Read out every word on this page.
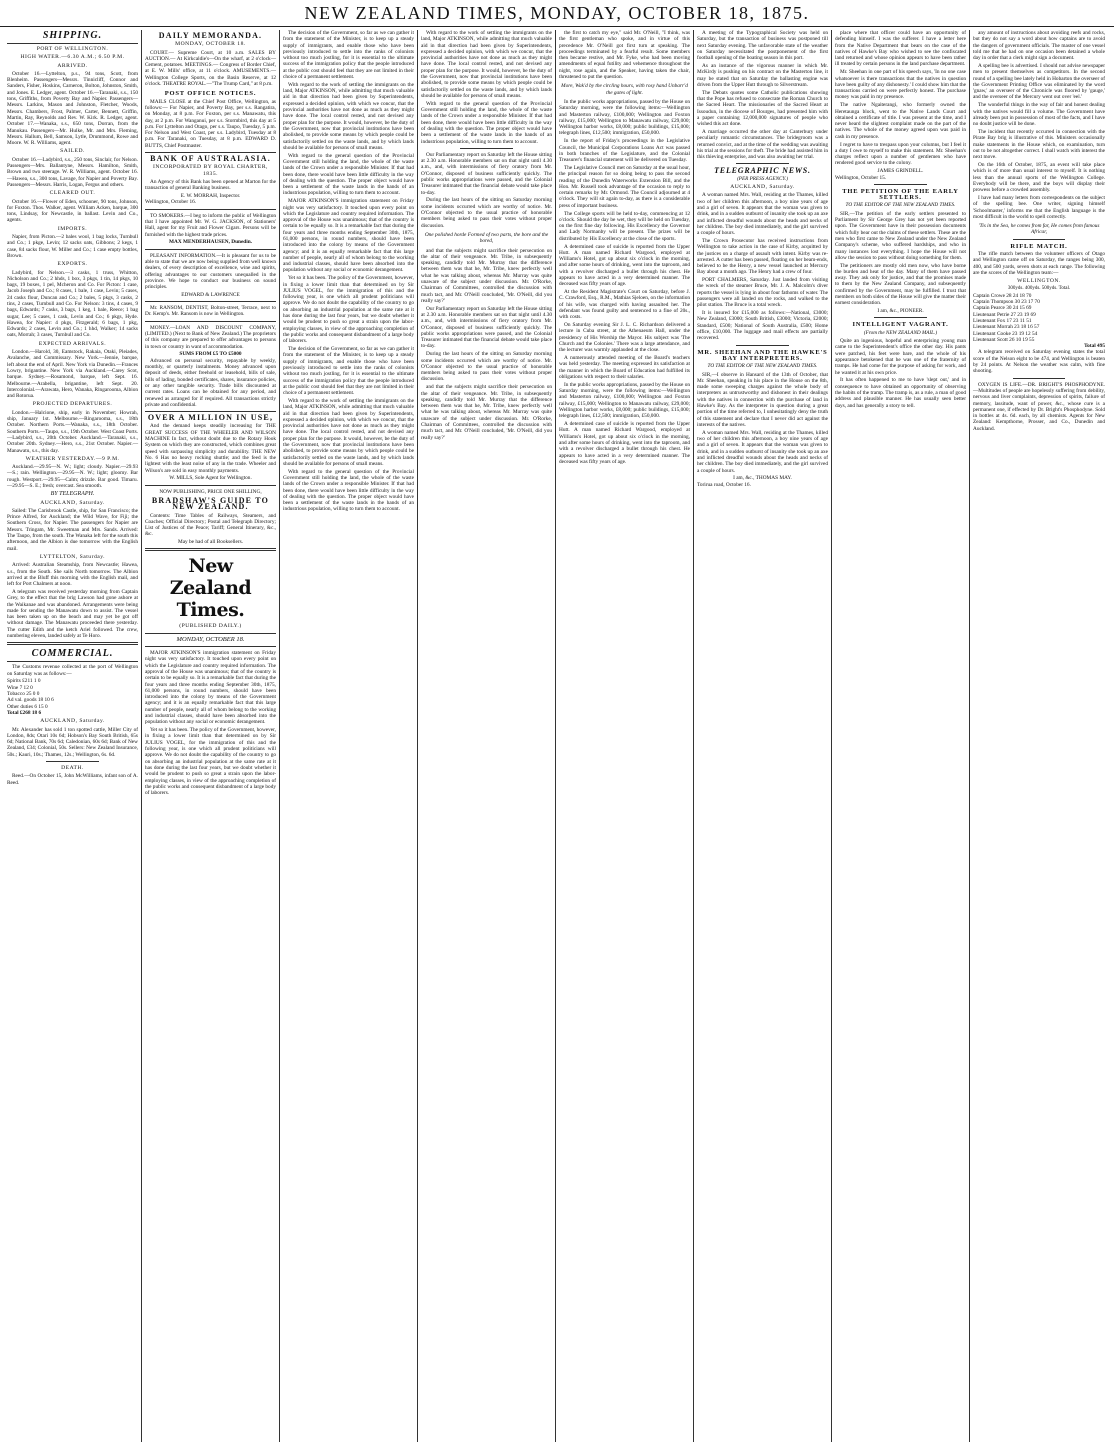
NEW ZEALAND TIMES, MONDAY, OCTOBER 18, 1875.
SHIPPING.
PORT OF WELLINGTON.
HIGH WATER.—6.30 A.M.; 6.50 P.M.
ARRIVED.

October 16.—Lyttelton, p.s., 94 tons, Scott, from Blenheim. Passengers—Messrs. Tinnicliff, Connor and Sanders, Fisher, Hoskins, Carneron, Bolton, Johnston, Smith, and Jones. E. Ledger, agent. October 16.—Taranaki, s.s., 150 tons, Griffiths, from Poverty Bay and Napier. Passengers—Messrs. Larkins, Mason and Johnston, Fletcher, Woods, Messrs. Chambers, Frost, Palmer, Carter, Bennett, Griffin, Martin, Ray, Reynolds and Rev. W. Kirk. R. Ledger, agent. October 17.—Wanaka, s.s., 650 tons, Dorran, from the Manukau. Passengers—Mr. Hulke, Mr. and Mrs. Fleming, Messrs. Hallum, Bell, Samson, Lytle, Drummond, Rowe and Moore. W. R. Williams, agent.

SAILED.

October 16.—Ladybird, s.s., 250 tons, Sinclair, for Nelson. Passengers—Mrs. Ballantyne, Messrs. Hamilton, Smith, Brown and two steerage. W. R. Williams, agent. October 16.—Hawea, s.s., 300 tons, Lavage, for Napier and Poverty Bay. Passengers—Messrs. Harris, Logan, Fergus and others.

CLEARED OUT.

October 16.—Flower of Eden, schooner, 90 tons, Johnson, for Foxton. Thos. Walker, agent. William Acken, barque, 300 tons, Lindsay, for Newcastle, in ballast. Levin and Co., agents.

IMPORTS.

Napier, from Picton.—2 bales wool, 1 bag locks, Turnbull and Co.; 1 pkge, Levin; 12 sacks oats, Gibbons; 2 kegs, 1 case, 84 sacks flour, W. Miller and Co.; 1 case empty bottles, Brown.

EXPORTS.

Ladybird, for Nelson.—3 casks, 1 truss, Whitton, Nicholson and Co.; 2 hhds, 1 box, 3 pkgs, 1 tin, 14 pkgs, 10 bags, 19 boxes, 1 pel, Mcheron and Co. For Picton: 1 case, Jacob Joseph and Co.; 8 cases, 1 bale, 1 case, Levin; 5 cases, 24 casks flour, Duncan and Co.; 2 bales, 5 pkgs, 3 casks, 2 tins, 2 cases, Turnbull and Co. For Nelson: 3 tins, 4 cases, 9 bags, Edwards; 7 casks, 3 bags, 1 keg, 1 bale, Reece; 1 bag sugar, Lee; 5 cases, 1 cask, Levin and Co.; 6 pkgs, Hyde. Hawea, for Napier: 4 pkgs, Fitzgerald; 6 bags, 1 pkg, Edwards; 2 cases, Levin and Co.; 1 hhd, Walker; 14 sacks oats, Morrah; 3 cases, Turnbull and Co.

EXPECTED ARRIVALS.

London.—Harold, 30, Eamstock, Rakaia, Otaki, Pleiades, Avalanche, and Commissary. New York.—Jennie, barque, left about the end of April. New York via Dunedin.—Frances Lowry, brigantine. New York via Auckland.—Carey Scot, barque. Sydney.—Rosamond, barque, left Sept. 16. Melbourne.—Arabella, brigantine, left Sept. 20. Intercolonial.—Arawata, Hero, Wanaka, Ringarooma, Albion and Rotorua.

PROJECTED DEPARTURES.

London.—Halcione, ship, early in November; Howrah, ship, January 1st. Melbourne.—Ringarooma, s.s., 18th October. Northern Ports.—Wanaka, s.s., 18th October. Southern Ports.—Taupo, s.s., 19th October. West Coast Ports.—Ladybird, s.s., 20th October. Auckland.—Taranaki, s.s., October 20th. Sydney.—Hero, s.s., 21st October. Napier.—Manawatu, s.s., this day.

WEATHER YESTERDAY.—9 P.M.

Auckland.—29.95—N. W.; light; cloudy. Napier.—29.93—S.; rain. Wellington.—29.95—N. W.; light; gloomy. Bar rough. Westport.—29.95—Calm; drizzle. Bar good. Timaru.—29.95—S. E.; fresh; overcast. Sea smooth.

BY TELEGRAPH.
AUCKLAND, Saturday.

Sailed: The Carisbrook Castle, ship, for San Francisco; the Prince Alfred, for Auckland; the Wild Wave, for Fiji; the Southern Cross, for Napier. The passengers for Napier are Messrs. Tringam, Mr. Sweetman and Mrs. Sands. Arrived: The Taupo, from the south. The Wanaka left for the south this afternoon, and the Albion is due tomorrow with the English mail.

LYTTELTON, Saturday.

Arrived: Australian Steamship, from Newcastle; Hawea, s.s., from the South. She sails North tomorrow. The Albion arrived at the Bluff this morning with the English mail, and left for Port Chalmers at noon.

A telegram was received yesterday morning from Captain Grey, to the effect that the brig Lawson had gone ashore at the Waikanae and was abandoned. Arrangements were being made for sending the Manawatu down to assist. The vessel has been taken up on the beach and may yet be got off without damage. The Manawatu proceeded there yesterday. The cutter Edith and the ketch Ariel followed. The crew, numbering eleven, landed safely at Te Horo.

COMMERCIAL.

The Customs revenue collected at the port of Wellington on Saturday was as follows:—

Spirits £211 1 0
Wine 7 12 0
Tobacco 25 0 0
Ad val. goods 18 10 6
Other duties 6 15 0
Total £268 18 6
AUCKLAND, Saturday.

Mr. Alexander has sold 1 ton spotted cattle, Miller City of London, 8ds; Otari 10s 6d; Hobson's Bay South British, 65s 6d; National Bank, 70s 6d; Caledonian, 60s 6d; Bank of New Zealand, £34; Colonial, 50s. Sellers: New Zealand Insurance, 50s.; Kauri, 10s.; Thames, 12s.; Wellington, 6s. 6d.

DEATH.

Reed.—On October 15, John McWilliams, infant son of A. Reed.

DAILY MEMORANDA.
MONDAY, OCTOBER 18.

COURT.— Supreme Court, at 10 a.m. SALES BY AUCTION.— At Kirkcaldie's—On the wharf, at 2 o'clock— Cement, potatoes. MEETINGS.— Congress of Border Chief, at E. W. Mills' office, at 11 o'clock. AMUSEMENTS.— Wellington College Sports, on the Basin Reserve, at 12 o'clock. THEATRE ROYAL.—"The Trump Card," at 8 p.m.

POST OFFICE NOTICES.

MAILS CLOSE at the Chief Post Office, Wellington, as follows:— For Napier, and Poverty Bay, per s.s. Rangatira, on Monday, at 8 p.m. For Foxton, per s.s. Manawatu, this day, at 2 p.m. For Wanganui, per s.s. Stormbird, this day at 5 p.m. For Lyttelton and Otago, per s.s. Taupo, Tuesday, 5 p.m. For Nelson and West Coast, per s.s. Ladybird, Tuesday at 8 p.m. For Taranaki, on Tuesday, at 8 p.m. EDWARD D. BUTTS, Chief Postmaster.

BANK OF AUSTRALASIA.
INCORPORATED BY ROYAL CHARTER, 1835.

An Agency of this Bank has been opened at Marton for the transaction of general Banking business.

E. W. MORRAH, Inspector.
Wellington, October 16.

TO SMOKERS.—I beg to inform the public of Wellington that I have appointed Mr. W. G. JACKSON, of Stationers' Hall, agent for my Fruit and Flower Cigars. Persons will be furnished with the highest trade prices.

MAX MENDERHAUSEN, Dunedin.

PLEASANT INFORMATION.—It is pleasant for us to be able to state that we are now being supplied from well known dealers, of every description of excellence, wine and spirits, offering advantages to our customers unequalled in the province. We hope to conduct our business on sound principles.

EDWARD & LAWRENCE

Mr. RANSOM, DENTIST, Bolton-street, Terrace, next to Dr. Kemp's. Mr. Ransom is now in Wellington.

MONEY.—LOAN AND DISCOUNT COMPANY, (LIMITED.) (Next to Bank of New Zealand.) The proprietors of this company are prepared to offer advantages to persons in town or country in want of accommodation.

SUMS FROM £5 TO £5000

Advanced on personal security, repayable by weekly, monthly, or quarterly instalments. Money advanced upon deposit of deeds, either freehold or leasehold, bills of sale, bills of lading, bonded certificates, shares, insurance policies, or any other tangible security. Trade bills discounted at current rates. Loans can be obtained for any period, and renewed as arranged for if required. All transactions strictly private and confidential.

OVER A MILLION IN USE,

And the demand keeps steadily increasing for THE GREAT SUCCESS OF THE WHEELER AND WILSON MACHINE In fact, without doubt due to the Rotary Hook System on which they are constructed, which combines great speed with surpassing simplicity and durability. THE NEW No. 6 Has no heavy rocking shuttle; and the feed is the lightest with the least noise of any in the trade. Wheeler and Wilson's are sold in easy monthly payments.

W. MILLS, Sole Agent for Wellington.
NOW PUBLISHING, PRICE ONE SHILLING,
BRADSHAW'S GUIDE TO NEW ZEALAND.

Contents: Time Tables of Railways, Steamers, and Coaches; Official Directory; Postal and Telegraph Directory; List of Justices of the Peace; Tariff; General Itinerary, &c., &c.

May be had of all Booksellers.
New Zealand Times.
(PUBLISHED DAILY.)
MONDAY, OCTOBER 18.

MAJOR ATKINSON'S immigration statement on Friday night was very satisfactory. It touched upon every point on which the Legislature and country required information. The approval of the House was unanimous; that of the country is certain to be equally so. It is a remarkable fact that during the four years and three months ending September 30th, 1875, 61,000 persons, in round numbers, should have been introduced into the colony by means of the Government agency; and it is an equally remarkable fact that this large number of people, nearly all of whom belong to the working and industrial classes, should have been absorbed into the population without any social or economic derangement.

Yet so it has been. The policy of the Government, however, in fixing a lower limit than that determined on by Sir JULIUS VOGEL, for the immigration of this and the following year, is one which all prudent politicians will approve. We do not doubt the capability of the country to go on absorbing an industrial population at the same rate at it has done during the last four years, but we doubt whether it would be prudent to push so great a strain upon the labor-employing classes, in view of the approaching completion of the public works and consequent disbandment of a large body of laborers.

The decision of the Government, so far as we can gather it from the statement of the Minister, is to keep up a steady supply of immigrants, and enable those who have been previously introduced to settle into the ranks of colonists without too much jostling, for it is essential to the ultimate success of the immigration policy that the people introduced at the public cost should feel that they are not limited in their choice of a permanent settlement.

With regard to the work of settling the immigrants on the land, Major ATKINSON, while admitting that much valuable aid in that direction had been given by Superintendents, expressed a decided opinion, with which we concur, that the provincial authorities have not done as much as they might have done. The local control rested, and not devised any proper plan for the purpose. It would, however, be the duty of the Government, now that provincial institutions have been abolished, to provide some means by which people could be satisfactorily settled on the waste lands, and by which lands should be available for persons of small means.

With regard to the general question of the Provincial Government still holding the land, the whole of the waste lands of the Crown under a responsible Minister. If that had been done, there would have been little difficulty in the way of dealing with the question. The proper object would have been a settlement of the waste lands in the hands of an industrious population, willing to turn them to account.

MAJOR ATKINSON'S immigration statement on Friday night was very satisfactory. It touched upon every point on which the Legislature and country required information. The approval of the House was unanimous; that of the country is certain to be equally so. It is a remarkable fact that during the four years and three months ending September 30th, 1875, 61,000 persons, in round numbers, should have been introduced into the colony by means of the Government agency; and it is an equally remarkable fact that this large number of people, nearly all of whom belong to the working and industrial classes, should have been absorbed into the population without any social or economic derangement.

Yet so it has been. The policy of the Government, however, in fixing a lower limit than that determined on by Sir JULIUS VOGEL, for the immigration of this and the following year, is one which all prudent politicians will approve. We do not doubt the capability of the country to go on absorbing an industrial population at the same rate at it has done during the last four years, but we doubt whether it would be prudent to push so great a strain upon the labor-employing classes, in view of the approaching completion of the public works and consequent disbandment of a large body of laborers.

The decision of the Government, so far as we can gather it from the statement of the Minister, is to keep up a steady supply of immigrants, and enable those who have been previously introduced to settle into the ranks of colonists without too much jostling, for it is essential to the ultimate success of the immigration policy that the people introduced at the public cost should feel that they are not limited in their choice of a permanent settlement.

With regard to the work of settling the immigrants on the land, Major ATKINSON, while admitting that much valuable aid in that direction had been given by Superintendents, expressed a decided opinion, with which we concur, that the provincial authorities have not done as much as they might have done. The local control rested, and not devised any proper plan for the purpose. It would, however, be the duty of the Government, now that provincial institutions have been abolished, to provide some means by which people could be satisfactorily settled on the waste lands, and by which lands should be available for persons of small means.

With regard to the general question of the Provincial Government still holding the land, the whole of the waste lands of the Crown under a responsible Minister. If that had been done, there would have been little difficulty in the way of dealing with the question. The proper object would have been a settlement of the waste lands in the hands of an industrious population, willing to turn them to account.

With regard to the work of settling the immigrants on the land, Major ATKINSON, while admitting that much valuable aid in that direction had been given by Superintendents, expressed a decided opinion, with which we concur, that the provincial authorities have not done as much as they might have done. The local control rested, and not devised any proper plan for the purpose. It would, however, be the duty of the Government, now that provincial institutions have been abolished, to provide some means by which people could be satisfactorily settled on the waste lands, and by which lands should be available for persons of small means.

With regard to the general question of the Provincial Government still holding the land, the whole of the waste lands of the Crown under a responsible Minister. If that had been done, there would have been little difficulty in the way of dealing with the question. The proper object would have been a settlement of the waste lands in the hands of an industrious population, willing to turn them to account.

Our Parliamentary report on Saturday left the House sitting at 2.30 a.m. Honorable members sat on that night until 4.30 a.m., and, with intermissions of fiery oratory from Mr. O'Connor, disposed of business sufficiently quickly. The public works appropriations were passed, and the Colonial Treasurer intimated that the financial debate would take place to-day.

During the last hours of the sitting on Saturday morning some incidents occurred which are worthy of notice. Mr. O'Connor objected to the usual practice of honorable members being asked to pass their votes without proper discussion.

One polished horde Formed of two parts, the bore and the bored,

and that the subjects might sacrifice their persecution on the altar of their vengeance. Mr. Tribe, in subsequently speaking, candidly told Mr. Murray that the difference between them was that he, Mr. Tribe, knew perfectly well what he was talking about, whereas Mr. Murray was quite unaware of the subject under discussion. Mr. O'Rorke, Chairman of Committees, controlled the discussion with much tact, and Mr. O'Neill concluded, 'Mr. O'Neill, did you really say?'

Our Parliamentary report on Saturday left the House sitting at 2.30 a.m. Honorable members sat on that night until 4.30 a.m., and, with intermissions of fiery oratory from Mr. O'Connor, disposed of business sufficiently quickly. The public works appropriations were passed, and the Colonial Treasurer intimated that the financial debate would take place to-day.

During the last hours of the sitting on Saturday morning some incidents occurred which are worthy of notice. Mr. O'Connor objected to the usual practice of honorable members being asked to pass their votes without proper discussion.

and that the subjects might sacrifice their persecution on the altar of their vengeance. Mr. Tribe, in subsequently speaking, candidly told Mr. Murray that the difference between them was that he, Mr. Tribe, knew perfectly well what he was talking about, whereas Mr. Murray was quite unaware of the subject under discussion. Mr. O'Rorke, Chairman of Committees, controlled the discussion with much tact, and Mr. O'Neill concluded, 'Mr. O'Neill, did you really say?'

the first to catch my eye," said Mr. O'Neill, "I think, was the first gentleman who spoke, and in virtue of this precedence Mr. O'Neill got first turn at speaking. The proceedings terminated by a fearful result. Some members then became restive, and Mr. Fyke, who had been moving amendments of equal futility and vehemence throughout the night, rose again, and the Speaker, having taken the chair, threatened to put the question.

More, Wak'd by the circling hours, with rosy hand Unbarr'd the gates of light.

In the public works appropriations, passed by the House on Saturday morning, were the following items:—Wellington and Masterton railway, £100,000; Wellington and Foxton railway, £15,000; Wellington to Manawatu railway, £29,000; Wellington harbor works, £8,000; public buildings, £15,000; telegraph lines, £12,500; immigration, £50,000.

In the report of Friday's proceedings in the Legislative Council, the Municipal Corporations Loans Act was passed in both branches of the Legislature, and the Colonial Treasurer's financial statement will be delivered on Tuesday.

The Legislative Council met on Saturday at the usual hour, the principal reason for so doing being to pass the second reading of the Dunedin Waterworks Extension Bill, and the Hon. Mr. Russell took advantage of the occasion to reply to certain remarks by Mr. Ormond. The Council adjourned at 4 o'clock. They will sit again to-day, as there is a considerable press of important business.

The College sports will be held to-day, commencing at 12 o'clock. Should the day be wet, they will be held on Tuesday, on the first fine day following. His Excellency the Governor and Lady Normanby will be present. The prizes will be distributed by His Excellency at the close of the sports.

A determined case of suicide is reported from the Upper Hutt. A man named Richard Wargood, employed at Williams's Hotel, got up about six o'clock in the morning, and after some hours of drinking, went into the taproom, and with a revolver discharged a bullet through his chest. He appears to have acted in a very determined manner. The deceased was fifty years of age.

At the Resident Magistrate's Court on Saturday, before J. C. Crawford, Esq., R.M., Mathias Sjeloen, on the information of his wife, was charged with having assaulted her. The defendant was found guilty and sentenced to a fine of 20s., with costs.

On Saturday evening Sir J. L. C. Richardson delivered a lecture in Cuba street, at the Athenaeum Hall, under the presidency of His Worship the Mayor. His subject was 'The Church and the Colonies.' There was a large attendance, and the lecturer was warmly applauded at the close.

A numerously attended meeting of the Board's teachers was held yesterday. The meeting expressed its satisfaction at the manner in which the Board of Education had fulfilled its obligations with respect to their salaries.

In the public works appropriations, passed by the House on Saturday morning, were the following items:—Wellington and Masterton railway, £100,000; Wellington and Foxton railway, £15,000; Wellington to Manawatu railway, £29,000; Wellington harbor works, £8,000; public buildings, £15,000; telegraph lines, £12,500; immigration, £50,000.

A determined case of suicide is reported from the Upper Hutt. A man named Richard Wargood, employed at Williams's Hotel, got up about six o'clock in the morning, and after some hours of drinking, went into the taproom, and with a revolver discharged a bullet through his chest. He appears to have acted in a very determined manner. The deceased was fifty years of age.

A meeting of the Typographical Society was held on Saturday, but the transaction of business was postponed till next Saturday evening. The unfavorable state of the weather on Saturday necessitated the postponement of the first football opening of the boating season in this port.

As an instance of the vigorous manner in which Mr. McKirdy is pushing on his contract on the Masterton line, it may be stated that on Saturday the ballasting engine was driven from the Upper Hutt through to Silverstream.

The Debats quotes some Catholic publications showing that the Pope has refused to consecrate the Roman Church to the Sacred Heart. The missionaries of the Sacred Heart at Issoudun, in the diocese of Bourges, had presented him with a paper containing 12,000,000 signatures of people who wished this act done.

A marriage occurred the other day at Canterbury under peculiarly romantic circumstances. The bridegroom was a returned convict, and at the time of the wedding was awaiting his trial at the sessions for theft. The bride had assisted him in this thieving enterprise, and was also awaiting her trial.

TELEGRAPHIC NEWS.
(PER PRESS AGENCY.)
AUCKLAND, Saturday.

A woman named Mrs. Wall, residing at the Thames, killed two of her children this afternoon, a boy nine years of age and a girl of seven. It appears that the woman was given to drink, and in a sudden outburst of insanity she took up an axe and inflicted dreadful wounds about the heads and necks of her children. The boy died immediately, and the girl survived a couple of hours.

The Crown Prosecutor has received instructions from Wellington to take action in the case of Kirby, acquitted by the justices on a charge of assault with intent. Kirby was re-arrested. A cutter has been passed, floating on her beam-ends, believed to be the Henry, a new vessel launched at Mercury Bay about a month ago. The Henry had a crew of four.

PORT CHALMERS, Saturday. Just landed from visiting the wreck of the steamer Bruce, Mr. J. A. Malcolm's diver reports the vessel is lying in about four fathoms of water. The passengers were all landed on the rocks, and walked to the pilot station. The Bruce is a total wreck.

It is insured for £15,000 as follows:—National, £3000; New Zealand, £3000; South British, £3000; Victoria, £2000; Standard, £500; National of South Australia, £500; Home office, £10,000. The luggage and mail effects are partially recovered.

MR. SHEEHAN AND THE HAWKE'S BAY INTERPRETERS.
TO THE EDITOR OF THE NEW ZEALAND TIMES.

SIR,—I observe in Hansard of the 13th of October, that Mr. Sheehan, speaking in his place in the House on the 8th, made some sweeping charges against the whole body of interpreters as untrustworthy and dishonest in their dealings with the natives in connection with the purchase of land in Hawke's Bay. As the interpreter in question during a great portion of the time referred to, I unhesitatingly deny the truth of this statement and declare that I never did act against the interests of the natives.

A woman named Mrs. Wall, residing at the Thames, killed two of her children this afternoon, a boy nine years of age and a girl of seven. It appears that the woman was given to drink, and in a sudden outburst of insanity she took up an axe and inflicted dreadful wounds about the heads and necks of her children. The boy died immediately, and the girl survived a couple of hours.

I am, &c., THOMAS MAY.
Torirua road, October 16.

place where that officer could have an opportunity of defending himself. I was the sufferer. I have a letter here from the Native Department that bears on the case of the natives of Hawke's Bay who wished to see the confiscated land returned and whose opinion appears to have been rather ill treated by certain persons in the land purchase department.

Mr. Sheehan in one part of his speech says, 'In no one case whatsoever is there transactions that the natives in question have been guilty of any dishonesty.' I could show him that the transactions carried on were perfectly honest. The purchase money was paid in my presence.

The native Ngaiterangi, who formerly owned the Heretaunga block, went to the Native Lands Court and obtained a certificate of title. I was present at the time, and I never heard the slightest complaint made on the part of the natives. The whole of the money agreed upon was paid in cash in my presence.

I regret to have to trespass upon your columns, but I feel it a duty I owe to myself to make this statement. Mr. Sheehan's charges reflect upon a number of gentlemen who have rendered good service to the colony.

JAMES GRINDELL.
Wellington, October 15.
THE PETITION OF THE EARLY SETTLERS.
TO THE EDITOR OF THE NEW ZEALAND TIMES.

SIR,—The petition of the early settlers presented to Parliament by Sir George Grey has not yet been reported upon. The Government have in their possession documents which fully bear out the claims of these settlers. These are the men who first came to New Zealand under the New Zealand Company's scheme, who suffered hardships, and who in many instances lost everything. I hope the House will not allow the session to pass without doing something for them.

The petitioners are mostly old men now, who have borne the burden and heat of the day. Many of them have passed away. They ask only for justice, and that the promises made to them by the New Zealand Company, and subsequently confirmed by the Government, may be fulfilled. I trust that members on both sides of the House will give the matter their earnest consideration.

I am, &c., PIONEER.
INTELLIGENT VAGRANT.
(From the NEW ZEALAND MAIL.)

Quite an ingenious, hopeful and enterprising young man came to the Superintendent's office the other day. His pants were patched, his feet were bare, and the whole of his appearance betokened that he was one of the fraternity of tramps. He had come for the purpose of asking for work, and he wanted it at his own price.

It has often happened to me to have 'slept out,' and in consequence to have obtained an opportunity of observing the habits of the tramp. The tramp is, as a rule, a man of good address and plausible manner. He has usually seen better days, and has generally a story to tell.

any amount of instructions about avoiding reefs and rocks, but they do not say a word about how captains are to avoid the dangers of government officials. The master of one vessel told me that he had on one occasion been detained a whole day in order that a clerk might sign a document.

A spelling bee is advertised. I should not advise newspaper men to present themselves as competitors. In the second round of a spelling bee lately held in Hobarton the overseer of the Government Printing Office was eliminated by the word 'gnaw,' an overseer of the Chronicle was floored by 'gauge,' and the overseer of the Mercury went out over 'eel.'

The wonderful things in the way of fair and honest dealing with the natives would fill a volume. The Government have already been put in possession of most of the facts, and I have no doubt justice will be done.

The incident that recently occurred in connection with the Pirate Bay brig is illustrative of this. Ministers occasionally make statements in the House which, on examination, turn out to be not altogether correct. I shall watch with interest the next move.

On the 16th of October, 1875, an event will take place which is of more than usual interest to myself. It is nothing less than the annual sports of the Wellington College. Everybody will be there, and the boys will display their prowess before a crowded assembly.

I have had many letters from correspondents on the subject of the spelling bee. One writer, signing himself 'Schoolmaster,' informs me that the English language is the most difficult in the world to spell correctly.

'Tis in the Sea, he comes from far, He comes from famous Africar,
RIFLE MATCH.

The rifle match between the volunteer officers of Otago and Wellington came off on Saturday, the ranges being 300, 400, and 500 yards, seven shots at each range. The following are the scores of the Wellington team:—

WELLINGTON.
300yds. 400yds. 500yds. Total.
Captain Crowe 28 24 18 70
Captain Thompson 30 23 17 70
Captain Pearce 30 24 15 69
Lieutenant Petrie 27 23 19 69
Lieutenant Fox 17 23 11 51
Lieutenant Morrah 23 18 16 57
Lieutenant Cooke 23 19 12 54
Lieutenant Scott 26 10 19 55
Total 495

A telegram received on Saturday evening states the total score of the Nelson eight to be 474, and Wellington is beaten by 24 points. At Nelson the weather was calm, with fine shooting.

OXYGEN IS LIFE.—DR. BRIGHT'S PHOSPHODYNE.—Multitudes of people are hopelessly suffering from debility, nervous and liver complaints, depression of spirits, failure of memory, lassitude, want of power, &c., whose cure is a permanent one, if effected by Dr. Bright's Phosphodyne. Sold in bottles at 4s. 6d. each, by all chemists. Agents for New Zealand: Kempthorne, Prosser, and Co., Dunedin and Auckland.
